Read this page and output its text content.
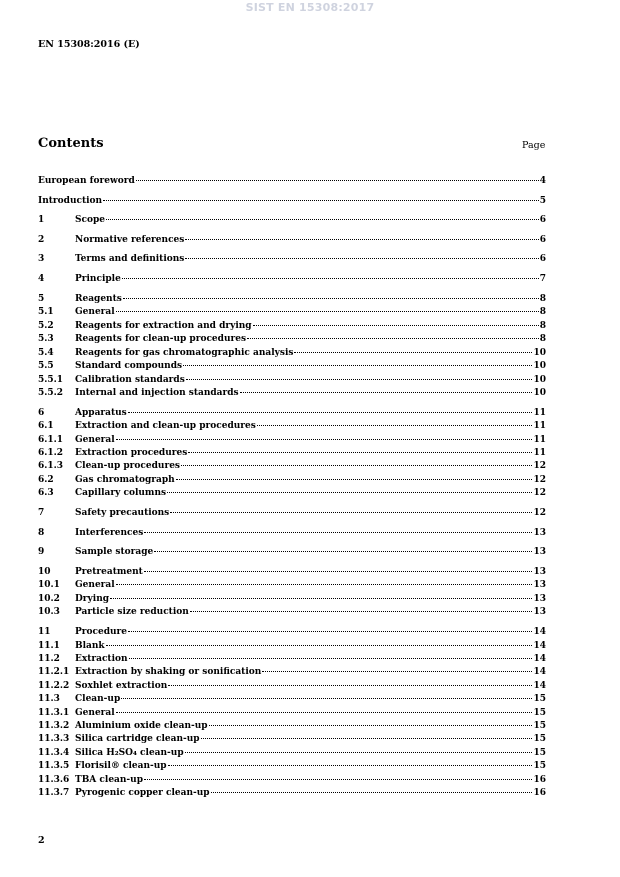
SIST EN 15308:2017
EN 15308:2016 (E)
Contents	Page
European foreword	4
Introduction	5
1	Scope	6
2	Normative references	6
3	Terms and definitions	6
4	Principle	7
5	Reagents	8
5.1	General	8
5.2	Reagents for extraction and drying	8
5.3	Reagents for clean-up procedures	8
5.4	Reagents for gas chromatographic analysis	10
5.5	Standard compounds	10
5.5.1	Calibration standards	10
5.5.2	Internal and injection standards	10
6	Apparatus	11
6.1	Extraction and clean-up procedures	11
6.1.1	General	11
6.1.2	Extraction procedures	11
6.1.3	Clean-up procedures	12
6.2	Gas chromatograph	12
6.3	Capillary columns	12
7	Safety precautions	12
8	Interferences	13
9	Sample storage	13
10	Pretreatment	13
10.1	General	13
10.2	Drying	13
10.3	Particle size reduction	13
11	Procedure	14
11.1	Blank	14
11.2	Extraction	14
11.2.1 Extraction by shaking or sonification	14
11.2.2 Soxhlet extraction	14
11.3	Clean-up	15
11.3.1 General	15
11.3.2 Aluminium oxide clean-up	15
11.3.3 Silica cartridge clean-up	15
11.3.4 Silica H₂SO₄ clean-up	15
11.3.5 Florisil® clean-up	15
11.3.6 TBA clean-up	16
11.3.7 Pyrogenic copper clean-up	16
2
